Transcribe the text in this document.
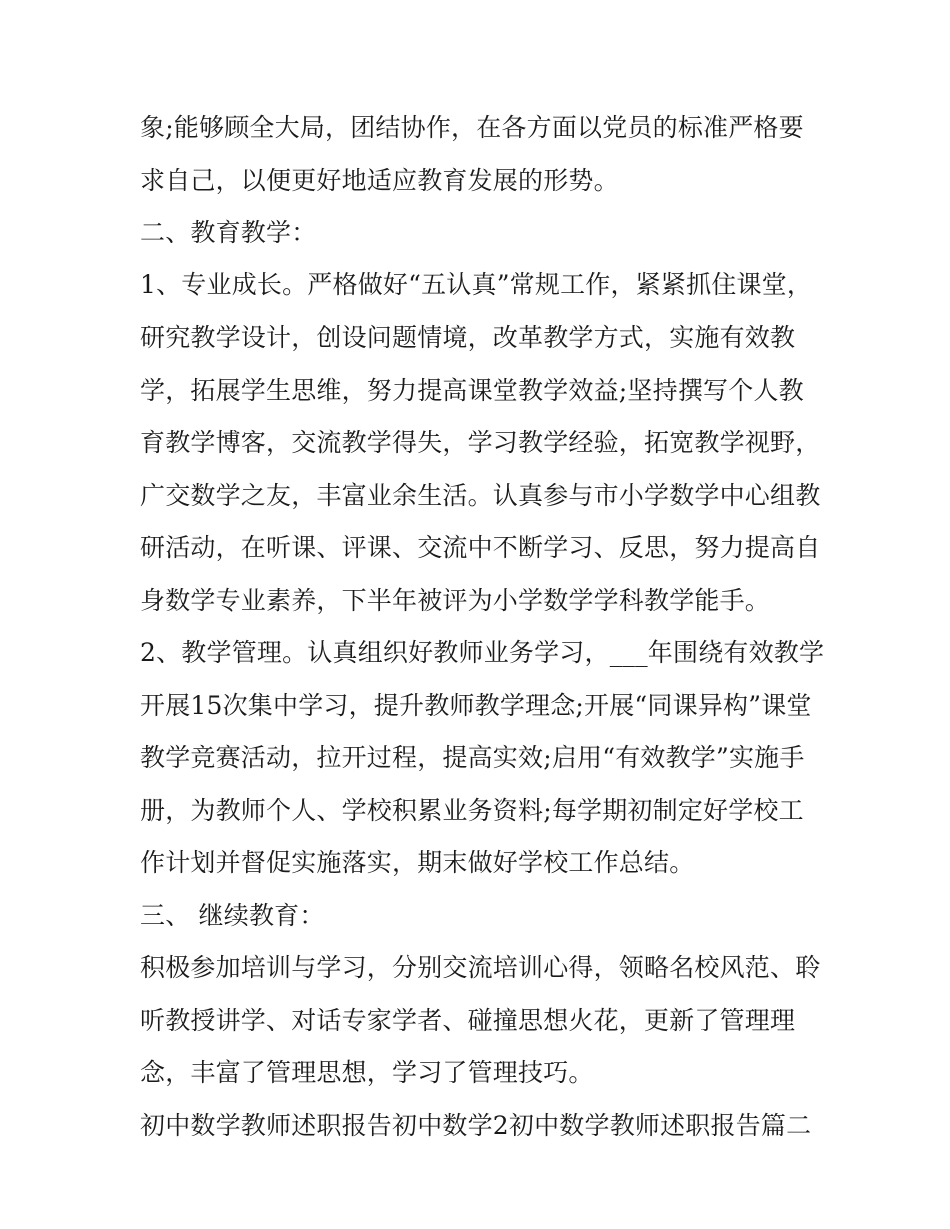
象;能够顾全大局，团结协作，在各方面以党员的标准严格要
求自己，以便更好地适应教育发展的形势。
二、教育教学：
1、专业成长。严格做好“五认真”常规工作，紧紧抓住课堂，
研究教学设计，创设问题情境，改革教学方式，实施有效教
学，拓展学生思维，努力提高课堂教学效益;坚持撰写个人教
育教学博客，交流教学得失，学习教学经验，拓宽教学视野，
广交数学之友，丰富业余生活。认真参与市小学数学中心组教
研活动，在听课、评课、交流中不断学习、反思，努力提高自
身数学专业素养，下半年被评为小学数学学科教学能手。
2、教学管理。认真组织好教师业务学习，___年围绕有效教学
开展15次集中学习，提升教师教学理念;开展“同课异构”课堂
教学竞赛活动，拉开过程，提高实效;启用“有效教学”实施手
册，为教师个人、学校积累业务资料;每学期初制定好学校工
作计划并督促实施落实，期末做好学校工作总结。
三、 继续教育：
积极参加培训与学习，分别交流培训心得，领略名校风范、聆
听教授讲学、对话专家学者、碰撞思想火花，更新了管理理
念，丰富了管理思想，学习了管理技巧。
初中数学教师述职报告初中数学2初中数学教师述职报告篇二
